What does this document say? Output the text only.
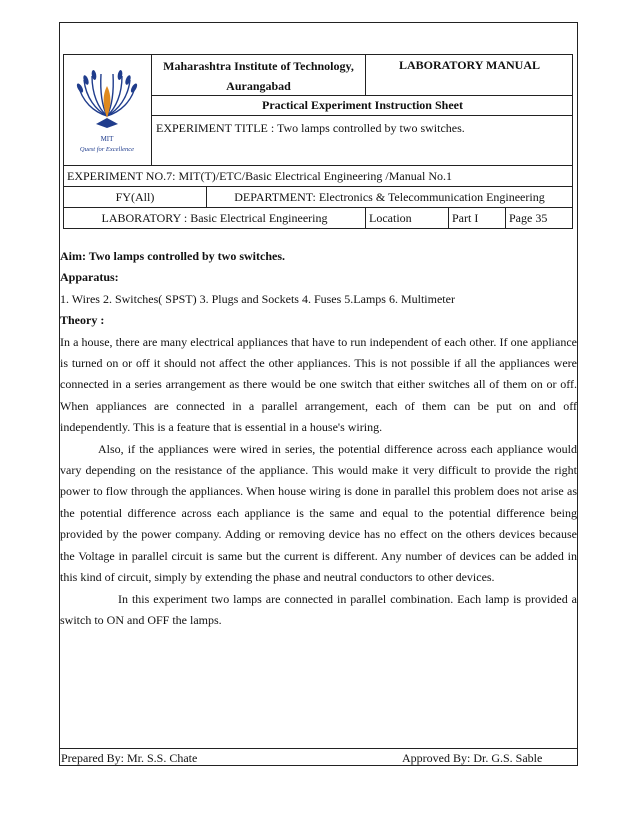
MIT
Quest for Excellence
Maharashtra Institute of Technology,
Aurangabad
LABORATORY MANUAL
Practical Experiment Instruction Sheet
EXPERIMENT TITLE : Two lamps controlled by two switches.
EXPERIMENT NO.7: MIT(T)/ETC/Basic Electrical Engineering /Manual No.1
FY(All)	DEPARTMENT: Electronics & Telecommunication Engineering
LABORATORY : Basic Electrical Engineering	Location	Part I	Page 35

Aim: Two lamps controlled by two switches.

Apparatus:

1. Wires 2. Switches( SPST) 3. Plugs and Sockets 4. Fuses 5.Lamps 6. Multimeter

Theory :

In a house, there are many electrical appliances that have to run independent of each other. If one appliance is turned on or off it should not affect the other appliances. This is not possible if all the appliances were connected in a series arrangement as there would be one switch that either switches all of them on or off. When appliances are connected in a parallel arrangement, each of them can be put on and off independently. This is a feature that is essential in a house's wiring.

Also, if the appliances were wired in series, the potential difference across each appliance would vary depending on the resistance of the appliance. This would make it very difficult to provide the right power to flow through the appliances. When house wiring is done in parallel this problem does not arise as the potential difference across each appliance is the same and equal to the potential difference being provided by the power company. Adding or removing device has no effect on the others devices because the Voltage in parallel circuit is same but the current is different. Any number of devices can be added in this kind of circuit, simply by extending the phase and neutral conductors to other devices.

In this experiment two lamps are connected in parallel combination. Each lamp is provided a switch to ON and OFF the lamps.

Prepared By: Mr. S.S. Chate	Approved By: Dr. G.S. Sable
